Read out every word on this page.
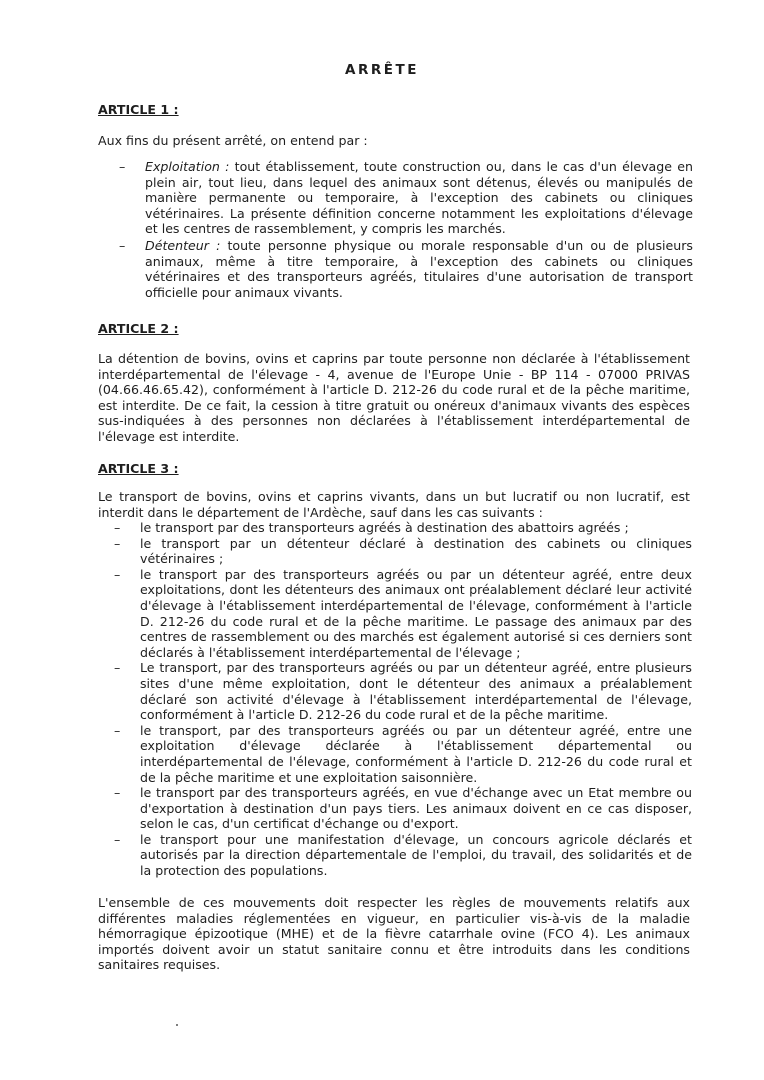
ARRÊTE
ARTICLE 1 :
Aux fins du présent arrêté, on entend par :
– Exploitation : tout établissement, toute construction ou, dans le cas d'un élevage en plein air, tout lieu, dans lequel des animaux sont détenus, élevés ou manipulés de manière permanente ou temporaire, à l'exception des cabinets ou cliniques vétérinaires. La présente définition concerne notamment les exploitations d'élevage et les centres de rassemblement, y compris les marchés.
– Détenteur : toute personne physique ou morale responsable d'un ou de plusieurs animaux, même à titre temporaire, à l'exception des cabinets ou cliniques vétérinaires et des transporteurs agréés, titulaires d'une autorisation de transport officielle pour animaux vivants.
ARTICLE 2 :
La détention de bovins, ovins et caprins par toute personne non déclarée à l'établissement interdépartemental de l'élevage - 4, avenue de l'Europe Unie - BP 114 - 07000 PRIVAS (04.66.46.65.42), conformément à l'article D. 212-26 du code rural et de la pêche maritime, est interdite. De ce fait, la cession à titre gratuit ou onéreux d'animaux vivants des espèces sus-indiquées à des personnes non déclarées à l'établissement interdépartemental de l'élevage est interdite.
ARTICLE 3 :
Le transport de bovins, ovins et caprins vivants, dans un but lucratif ou non lucratif, est interdit dans le département de l'Ardèche, sauf dans les cas suivants :
– le transport par des transporteurs agréés à destination des abattoirs agréés ;
– le transport par un détenteur déclaré à destination des cabinets ou cliniques vétérinaires ;
– le transport par des transporteurs agréés ou par un détenteur agréé, entre deux exploitations, dont les détenteurs des animaux ont préalablement déclaré leur activité d'élevage à l'établissement interdépartemental de l'élevage, conformément à l'article D. 212-26 du code rural et de la pêche maritime. Le passage des animaux par des centres de rassemblement ou des marchés est également autorisé si ces derniers sont déclarés à l'établissement interdépartemental de l'élevage ;
– Le transport, par des transporteurs agréés ou par un détenteur agréé, entre plusieurs sites d'une même exploitation, dont le détenteur des animaux a préalablement déclaré son activité d'élevage à l'établissement interdépartemental de l'élevage, conformément à l'article D. 212-26 du code rural et de la pêche maritime.
– le transport, par des transporteurs agréés ou par un détenteur agréé, entre une exploitation d'élevage déclarée à l'établissement départemental ou interdépartemental de l'élevage, conformément à l'article D. 212-26 du code rural et de la pêche maritime et une exploitation saisonnière.
– le transport par des transporteurs agréés, en vue d'échange avec un Etat membre ou d'exportation à destination d'un pays tiers. Les animaux doivent en ce cas disposer, selon le cas, d'un certificat d'échange ou d'export.
– le transport pour une manifestation d'élevage, un concours agricole déclarés et autorisés par la direction départementale de l'emploi, du travail, des solidarités et de la protection des populations.
L'ensemble de ces mouvements doit respecter les règles de mouvements relatifs aux différentes maladies réglementées en vigueur, en particulier vis-à-vis de la maladie hémorragique épizootique (MHE) et de la fièvre catarrhale ovine (FCO 4). Les animaux importés doivent avoir un statut sanitaire connu et être introduits dans les conditions sanitaires requises.
